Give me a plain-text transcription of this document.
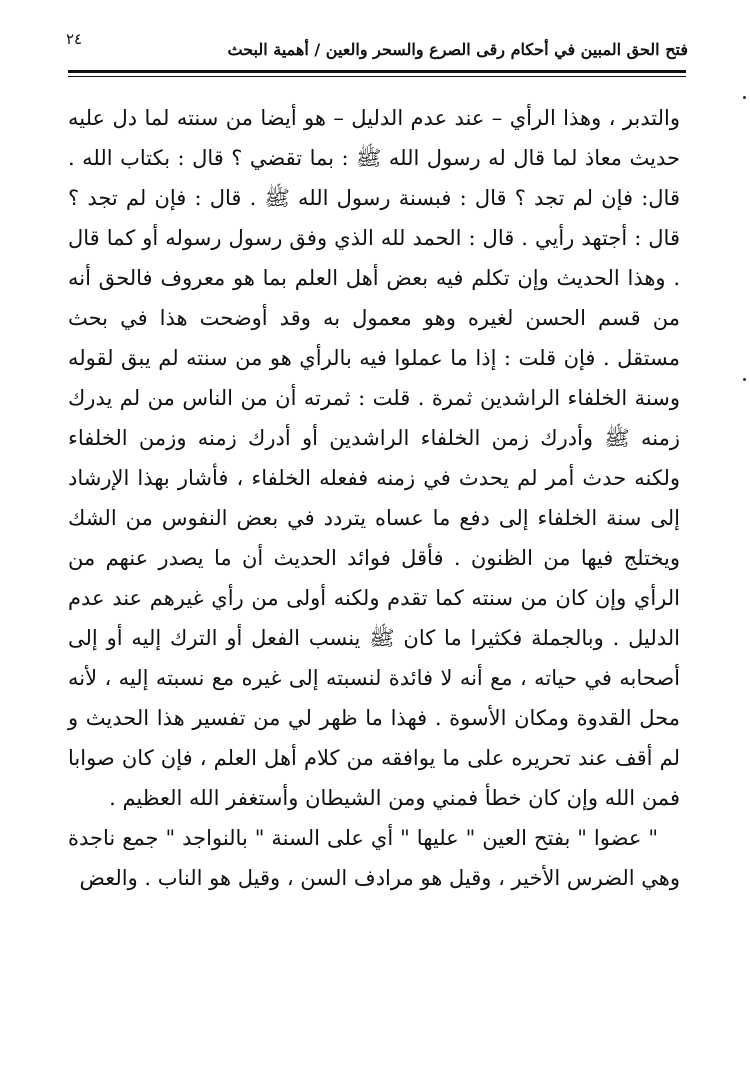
٢٤
فتح الحق المبين في أحكام رقى الصرع والسحر والعين / أهمية البحث

والتدبر ، وهذا الرأي – عند عدم الدليل – هو أيضا من سنته لما دل عليه حديث معاذ لما قال له رسول الله ﷺ : بما تقضي ؟ قال : بكتاب الله . قال: فإن لم تجد ؟ قال : فبسنة رسول الله ﷺ . قال : فإن لم تجد ؟ قال : أجتهد رأيي . قال : الحمد لله الذي وفق رسول رسوله أو كما قال . وهذا الحديث وإن تكلم فيه بعض أهل العلم بما هو معروف فالحق أنه من قسم الحسن لغيره وهو معمول به وقد أوضحت هذا في بحث مستقل . فإن قلت : إذا ما عملوا فيه بالرأي هو من سنته لم يبق لقوله وسنة الخلفاء الراشدين ثمرة . قلت : ثمرته أن من الناس من لم يدرك زمنه ﷺ وأدرك زمن الخلفاء الراشدين أو أدرك زمنه وزمن الخلفاء ولكنه حدث أمر لم يحدث في زمنه ففعله الخلفاء ، فأشار بهذا الإرشاد إلى سنة الخلفاء إلى دفع ما عساه يتردد في بعض النفوس من الشك ويختلج فيها من الظنون . فأقل فوائد الحديث أن ما يصدر عنهم من الرأي وإن كان من سنته كما تقدم ولكنه أولى من رأي غيرهم عند عدم الدليل . وبالجملة فكثيرا ما كان ﷺ ينسب الفعل أو الترك إليه أو إلى أصحابه في حياته ، مع أنه لا فائدة لنسبته إلى غيره مع نسبته إليه ، لأنه محل القدوة ومكان الأسوة . فهذا ما ظهر لي من تفسير هذا الحديث و لم أقف عند تحريره على ما يوافقه من كلام أهل العلم ، فإن كان صوابا فمن الله وإن كان خطأ فمني ومن الشيطان وأستغفر الله العظيم .

" عضوا " بفتح العين " عليها " أي على السنة " بالنواجد " جمع ناجدة وهي الضرس الأخير ، وقيل هو مرادف السن ، وقيل هو الناب . والعض
